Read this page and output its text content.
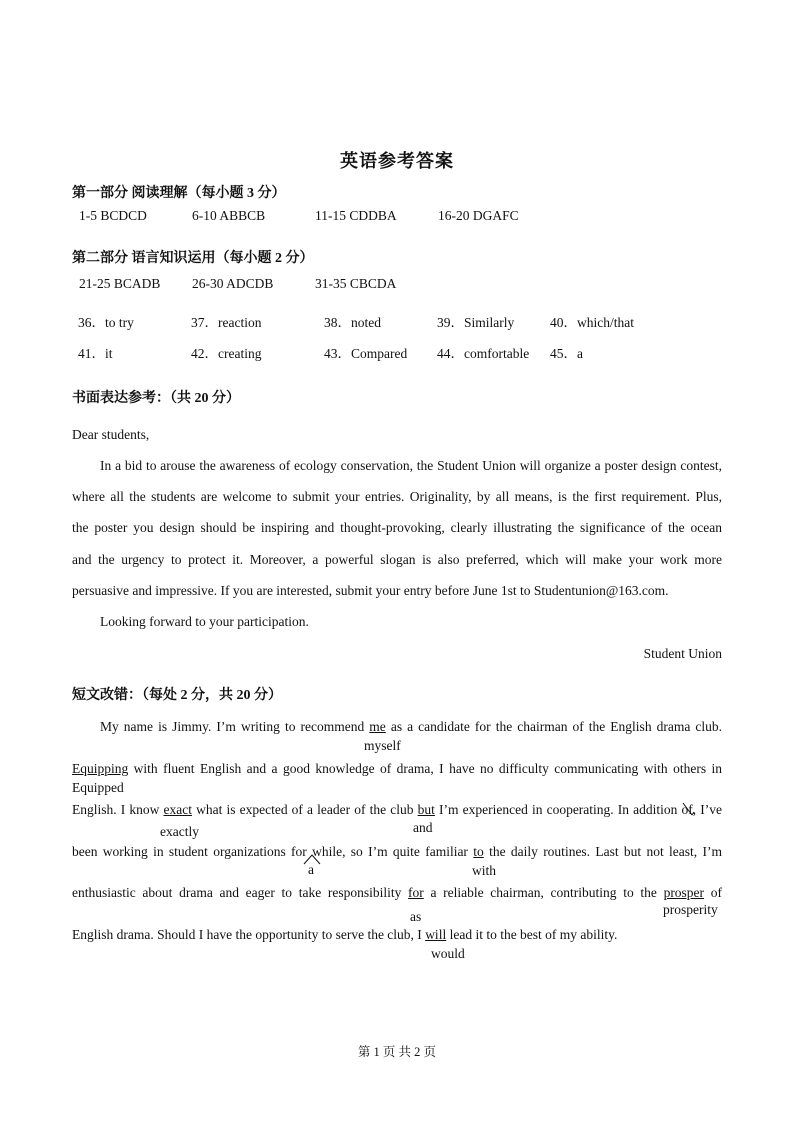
英语参考答案
第一部分 阅读理解（每小题 3 分）
1-5 BCDCD	6-10 ABBCB	11-15 CDDBA	16-20 DGAFC
第二部分 语言知识运用（每小题 2 分）
21-25 BCADB 26-30 ADCDB	31-35 CBCDA
36．to try	37．reaction	38．noted	39．Similarly	40．which/that
41．it	42．creating	43．Compared 44．comfortable 45．a
书面表达参考：（共 20 分）
Dear students,
In a bid to arouse the awareness of ecology conservation, the Student Union will organize a poster design contest,
where all the students are welcome to submit your entries. Originality, by all means, is the first requirement. Plus,
the poster you design should be inspiring and thought-provoking, clearly illustrating the significance of the ocean
and the urgency to protect it. Moreover, a powerful slogan is also preferred, which will make your work more
persuasive and impressive. If you are interested, submit your entry before June 1st to Studentunion@163.com.
Looking forward to your participation.
Student Union
短文改错：（每处 2 分，共 20 分）
My name is Jimmy. I’m writing to recommend me as a candidate for the chairman of the English drama club.
myself
Equipping with fluent English and a good knowledge of drama, I have no difficulty communicating with others in
Equipped
English. I know exact what is expected of a leader of the club but I’m experienced in cooperating. In addition of
, I’ve
exactly	and
been working in student organizations for while, so I’m quite familiar to the daily routines. Last but not least, I’m
a	with
enthusiastic about drama and eager to take responsibility for a reliable chairman, contributing to the prosper of
as	prosperity
English drama. Should I have the opportunity to serve the club, I will lead it to the best of my ability.
would
第 1 页 共 2 页
